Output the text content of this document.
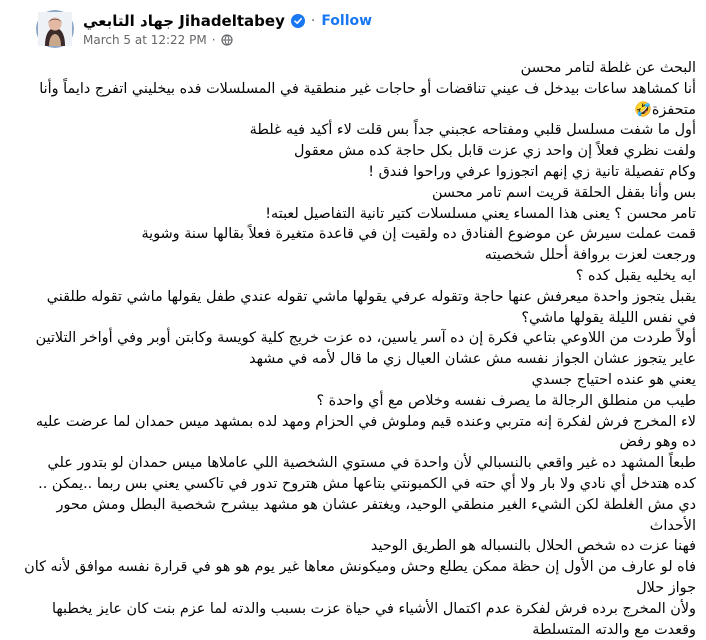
جهاد التابعي Jihadeltabey · Follow
March 5 at 12:22 PM ·

البحث عن غلطة لتامر محسن

أنا كمشاهد ساعات بيدخل ف عيني تناقضات أو حاجات غير منطقية في المسلسلات فده بيخليني اتفرج دايماً وأنا متحفزة🤣

أول ما شفت مسلسل قلبي ومفتاحه عجبني جداً بس قلت لاء أكيد فيه غلطة

ولفت نظري فعلاً إن واحد زي عزت قابل بكل حاجة كده مش معقول

وكام تفصيلة تانية زي إنهم اتجوزوا عرفي وراحوا فندق !

بس وأنا بقفل الحلقة قريت اسم تامر محسن

تامر محسن ؟ يعنى هذا المساء يعني مسلسلات كتير تانية التفاصيل لعبته!

قمت عملت سيرش عن موضوع الفنادق ده ولقيت إن في قاعدة متغيرة فعلاً بقالها سنة وشوية

ورجعت لعزت بروافة أحلل شخصيته

ايه يخليه يقبل كده ؟

يقبل يتجوز واحدة ميعرفش عنها حاجة وتقوله عرفي يقولها ماشي تقوله عندي طفل يقولها ماشي تقوله طلقني في نفس الليلة يقولها ماشي؟

أولاً طردت من اللاوعي بتاعي فكرة إن ده آسر ياسين، ده عزت خريج كلية كويسة وكابتن أوبر وفي أواخر التلاتين عاير يتجوز عشان الجواز نفسه مش عشان العيال زي ما قال لأمه في مشهد

يعني هو عنده احتياج جسدي

طيب من منطلق الرجالة ما يصرف نفسه وخلاص مع أي واحدة ؟

لاء المخرج فرش لفكرة إنه متربي وعنده قيم وملوش في الحزام ومهد لده بمشهد ميس حمدان لما عرضت عليه ده وهو رفض

طبعاً المشهد ده غير واقعي بالنسبالي لأن واحدة في مستوي الشخصية اللي عاملاها ميس حمدان لو بتدور علي كده هتدخل أي نادي ولا بار ولا أي حته في الكمبونتي بتاعها مش هتروح تدور في تاكسي يعني بس ربما ..يمكن .. دي مش الغلطة لكن الشيء الغير منطقي الوحيد، ويغتفر عشان هو مشهد بيشرح شخصية البطل ومش محور الأحداث

فهنا عزت ده شخص الحلال بالنسباله هو الطريق الوحيد

فاه لو عارف من الأول إن حظة ممكن يطلع وحش وميكونش معاها غير يوم هو هو في قرارة نفسه موافق لأنه كان جواز حلال

ولأن المخرج برده فرش لفكرة عدم اكتمال الأشياء في حياة عزت بسبب والدته لما عزم بنت كان عايز يخطبها وقعدت مع والدته المتسلطة
